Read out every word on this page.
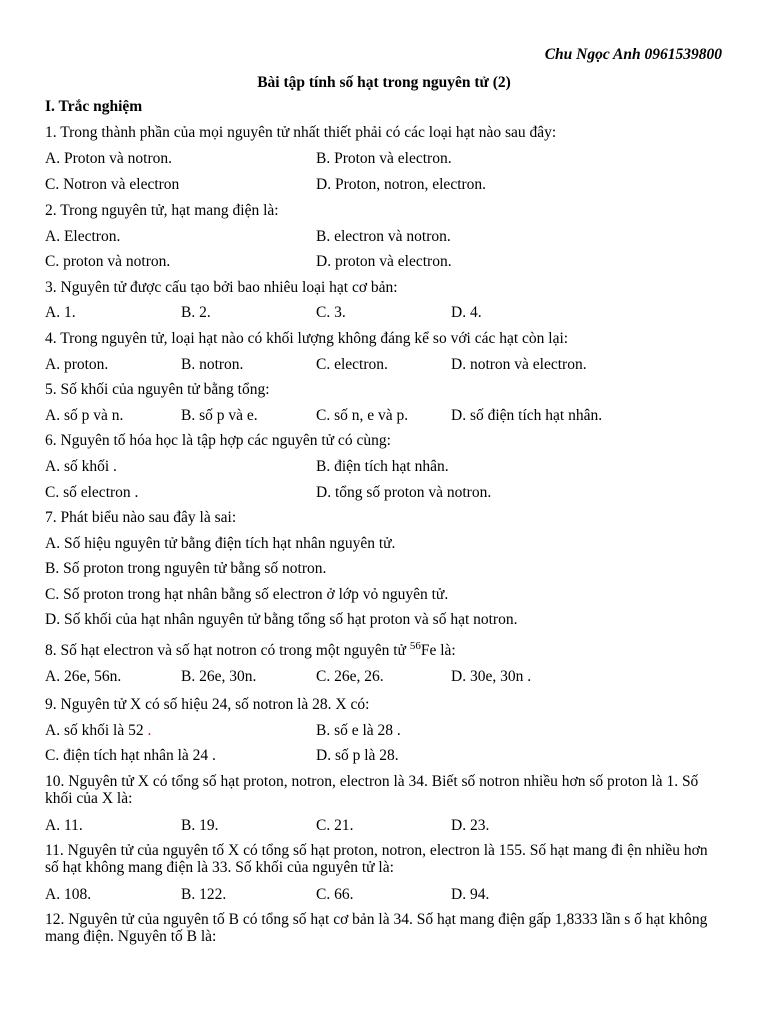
Chu Ngọc Anh 0961539800
Bài tập tính số hạt trong nguyên tử (2)
I. Trắc nghiệm
1. Trong thành phần của mọi nguyên tử nhất thiết phải có các loại hạt nào sau đây:
A. Proton và notron.	B. Proton và electron.
C. Notron và electron	D. Proton, notron, electron.
2. Trong nguyên tử, hạt mang điện là:
A. Electron.	B. electron và notron.
C. proton và notron.	D. proton và electron.
3. Nguyên tử được cấu tạo bởi bao nhiêu loại hạt cơ bản:
A. 1.	B. 2.	C. 3.	D. 4.
4. Trong nguyên tử, loại hạt nào có khối lượng không đáng kể so với các hạt còn lại:
A. proton.	B. notron.	C. electron.	D. notron và electron.
5. Số khối của nguyên tử bằng tổng:
A. số p và n.	B. số p và e.	C. số n, e và p.	D. số điện tích hạt nhân.
6. Nguyên tố hóa học là tập hợp các nguyên tử có cùng:
A. số khối .	B. điện tích hạt nhân.
C. số electron .	D. tổng số proton và notron.
7. Phát biểu nào sau đây là sai:
A. Số hiệu nguyên tử bằng điện tích hạt nhân nguyên tử.
B. Số proton trong nguyên tử bằng số notron.
C. Số proton trong hạt nhân bằng số electron ở lớp vỏ nguyên tử.
D. Số khối của hạt nhân nguyên tử bằng tổng số hạt proton và số hạt notron.
8. Số hạt electron và số hạt notron có trong một nguyên tử $^{56}$Fe là:
A. 26e, 56n.	B. 26e, 30n.	C. 26e, 26.	D. 30e, 30n .
9. Nguyên tử X có số hiệu 24, số notron là 28. X có:
A. số khối là 52 .	B. số e là 28 .
C. điện tích hạt nhân là 24 .	D. số p là 28.
10. Nguyên tử X có tổng số hạt proton, notron, electron là 34. Biết số notron nhiều hơn số proton là 1. Số khối của X là:
A. 11.	B. 19.	C. 21.	D. 23.
11. Nguyên tử của nguyên tố X có tổng số hạt proton, notron, electron là 155. Số hạt mang đi ện nhiều hơn số hạt không mang điện là 33. Số khối của nguyên tử là:
A. 108.	B. 122.	C. 66.	D. 94.
12. Nguyên tử của nguyên tố B có tổng số hạt cơ bản là 34. Số hạt mang điện gấp 1,8333 lần s ố hạt không mang điện. Nguyên tố B là:
